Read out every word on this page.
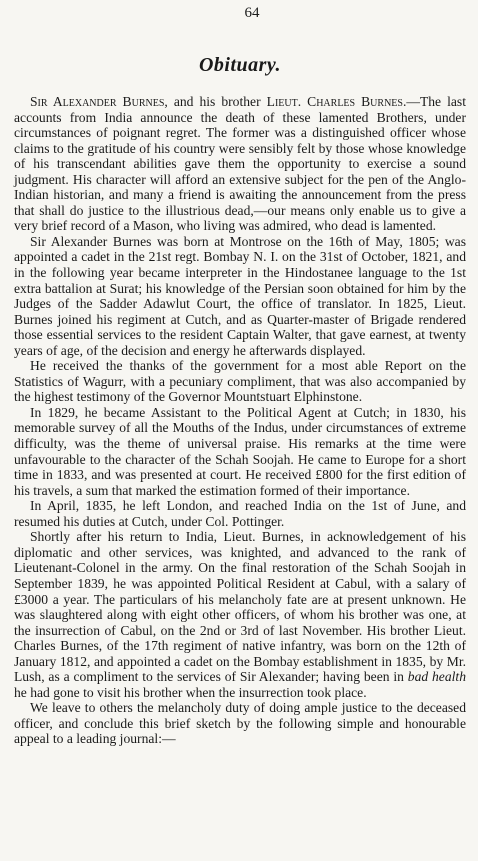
64
Obituary.

Sir Alexander Burnes, and his brother Lieut. Charles Burnes.—The last accounts from India announce the death of these lamented Brothers, under circumstances of poignant regret. The former was a distinguished officer whose claims to the gratitude of his country were sensibly felt by those whose knowledge of his transcendant abilities gave them the opportunity to exercise a sound judgment. His character will afford an extensive subject for the pen of the Anglo-Indian historian, and many a friend is awaiting the announcement from the press that shall do justice to the illustrious dead,—our means only enable us to give a very brief record of a Mason, who living was admired, who dead is lamented.

Sir Alexander Burnes was born at Montrose on the 16th of May, 1805; was appointed a cadet in the 21st regt. Bombay N. I. on the 31st of October, 1821, and in the following year became interpreter in the Hindostanee language to the 1st extra battalion at Surat; his knowledge of the Persian soon obtained for him by the Judges of the Sadder Adawlut Court, the office of translator. In 1825, Lieut. Burnes joined his regiment at Cutch, and as Quarter-master of Brigade rendered those essential services to the resident Captain Walter, that gave earnest, at twenty years of age, of the decision and energy he afterwards displayed.

He received the thanks of the government for a most able Report on the Statistics of Wagurr, with a pecuniary compliment, that was also accompanied by the highest testimony of the Governor Mountstuart Elphinstone.

In 1829, he became Assistant to the Political Agent at Cutch; in 1830, his memorable survey of all the Mouths of the Indus, under circumstances of extreme difficulty, was the theme of universal praise. His remarks at the time were unfavourable to the character of the Schah Soojah. He came to Europe for a short time in 1833, and was presented at court. He received £800 for the first edition of his travels, a sum that marked the estimation formed of their importance.

In April, 1835, he left London, and reached India on the 1st of June, and resumed his duties at Cutch, under Col. Pottinger.

Shortly after his return to India, Lieut. Burnes, in acknowledgement of his diplomatic and other services, was knighted, and advanced to the rank of Lieutenant-Colonel in the army. On the final restoration of the Schah Soojah in September 1839, he was appointed Political Resident at Cabul, with a salary of £3000 a year. The particulars of his melancholy fate are at present unknown. He was slaughtered along with eight other officers, of whom his brother was one, at the insurrection of Cabul, on the 2nd or 3rd of last November. His brother Lieut. Charles Burnes, of the 17th regiment of native infantry, was born on the 12th of January 1812, and appointed a cadet on the Bombay establishment in 1835, by Mr. Lush, as a compliment to the services of Sir Alexander; having been in bad health he had gone to visit his brother when the insurrection took place.

We leave to others the melancholy duty of doing ample justice to the deceased officer, and conclude this brief sketch by the following simple and honourable appeal to a leading journal:—
